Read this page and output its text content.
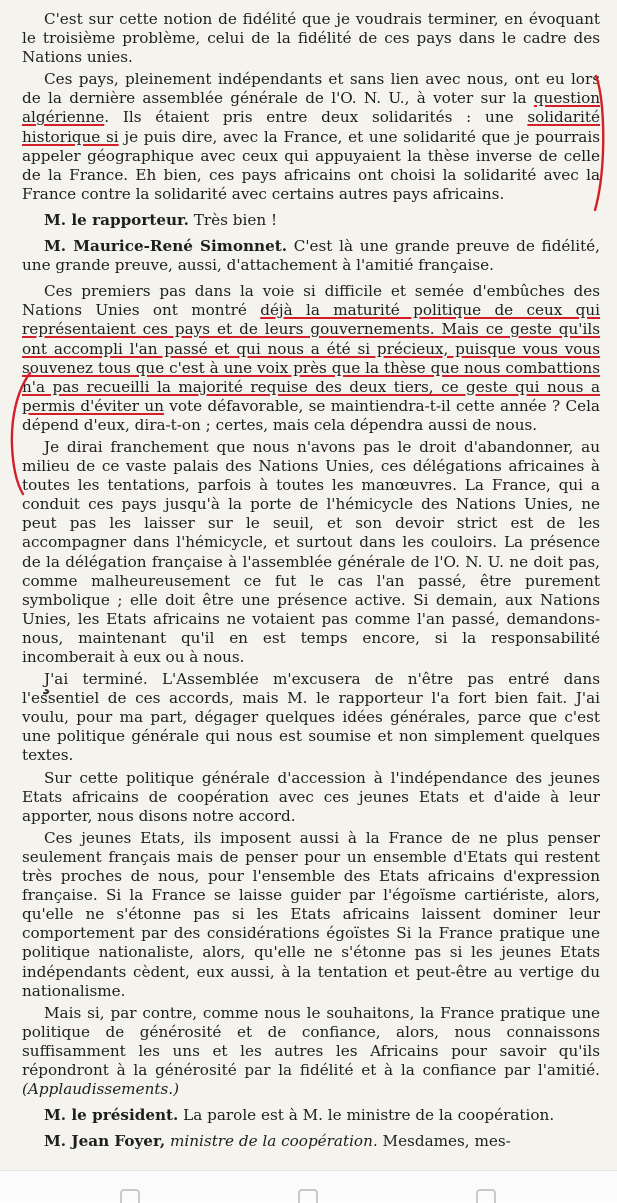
C'est sur cette notion de fidélité que je voudrais terminer, en évoquant le troisième problème, celui de la fidélité de ces pays dans le cadre des Nations unies.

Ces pays, pleinement indépendants et sans lien avec nous, ont eu lors de la dernière assemblée générale de l'O. N. U., à voter sur la question algérienne. Ils étaient pris entre deux solidarités : une solidarité historique si je puis dire, avec la France, et une solidarité que je pourrais appeler géographique avec ceux qui appuyaient la thèse inverse de celle de la France. Eh bien, ces pays africains ont choisi la solidarité avec la France contre la solidarité avec certains autres pays africains.

M. le rapporteur. Très bien !

M. Maurice-René Simonnet. C'est là une grande preuve de fidélité, une grande preuve, aussi, d'attachement à l'amitié française.

Ces premiers pas dans la voie si difficile et semée d'embûches des Nations Unies ont montré déjà la maturité politique de ceux qui représentaient ces pays et de leurs gouvernements. Mais ce geste qu'ils ont accompli l'an passé et qui nous a été si précieux, puisque vous vous souvenez tous que c'est à une voix près que la thèse que nous combattions n'a pas recueilli la majorité requise des deux tiers, ce geste qui nous a permis d'éviter un vote défavorable, se maintiendra-t-il cette année ? Cela dépend d'eux, dira-t-on ; certes, mais cela dépendra aussi de nous.

Je dirai franchement que nous n'avons pas le droit d'abandonner, au milieu de ce vaste palais des Nations Unies, ces délégations africaines à toutes les tentations, parfois à toutes les manœuvres. La France, qui a conduit ces pays jusqu'à la porte de l'hémicycle des Nations Unies, ne peut pas les laisser sur le seuil, et son devoir strict est de les accompagner dans l'hémicycle, et surtout dans les couloirs. La présence de la délégation française à l'assemblée générale de l'O. N. U. ne doit pas, comme malheureusement ce fut le cas l'an passé, être purement symbolique ; elle doit être une présence active. Si demain, aux Nations Unies, les Etats africains ne votaient pas comme l'an passé, demandons-nous, maintenant qu'il en est temps encore, si la responsabilité incomberait à eux ou à nous.

J'ai terminé. L'Assemblée m'excusera de n'être pas entré dans l'essentiel de ces accords, mais M. le rapporteur l'a fort bien fait. J'ai voulu, pour ma part, dégager quelques idées générales, parce que c'est une politique générale qui nous est soumise et non simplement quelques textes.

Sur cette politique générale d'accession à l'indépendance des jeunes Etats africains de coopération avec ces jeunes Etats et d'aide à leur apporter, nous disons notre accord.

Ces jeunes Etats, ils imposent aussi à la France de ne plus penser seulement français mais de penser pour un ensemble d'Etats qui restent très proches de nous, pour l'ensemble des Etats africains d'expression française. Si la France se laisse guider par l'égoïsme cartiériste, alors, qu'elle ne s'étonne pas si les Etats africains laissent dominer leur comportement par des considérations égoïstes Si la France pratique une politique nationaliste, alors, qu'elle ne s'étonne pas si les jeunes Etats indépendants cèdent, eux aussi, à la tentation et peut-être au vertige du nationalisme.

Mais si, par contre, comme nous le souhaitons, la France pratique une politique de générosité et de confiance, alors, nous connaissons suffisamment les uns et les autres les Africains pour savoir qu'ils répondront à la générosité par la fidélité et à la confiance par l'amitié. (Applaudissements.)

M. le président. La parole est à M. le ministre de la coopération.

M. Jean Foyer, ministre de la coopération. Mesdames, mes-
